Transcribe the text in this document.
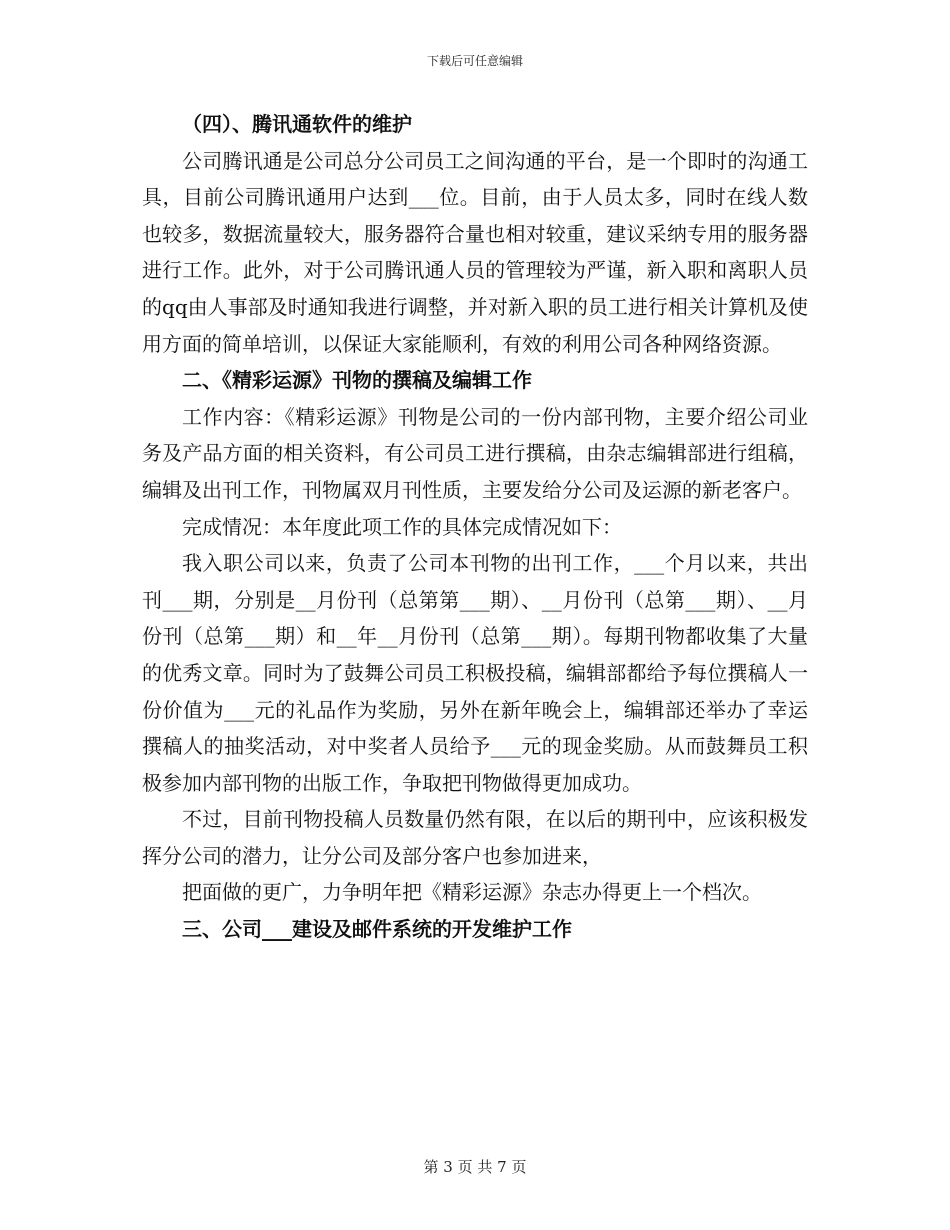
下载后可任意编辑

（四）、腾讯通软件的维护

公司腾讯通是公司总分公司员工之间沟通的平台，是一个即时的沟通工具，目前公司腾讯通用户达到___位。目前，由于人员太多，同时在线人数也较多，数据流量较大，服务器符合量也相对较重，建议采纳专用的服务器进行工作。此外，对于公司腾讯通人员的管理较为严谨，新入职和离职人员的qq由人事部及时通知我进行调整，并对新入职的员工进行相关计算机及使用方面的简单培训，以保证大家能顺利，有效的利用公司各种网络资源。

二、《精彩运源》刊物的撰稿及编辑工作

工作内容：《精彩运源》刊物是公司的一份内部刊物，主要介绍公司业务及产品方面的相关资料，有公司员工进行撰稿，由杂志编辑部进行组稿，编辑及出刊工作，刊物属双月刊性质，主要发给分公司及运源的新老客户。

完成情况：本年度此项工作的具体完成情况如下：

我入职公司以来，负责了公司本刊物的出刊工作，___个月以来，共出刊___期，分别是__月份刊（总第第___期）、__月份刊（总第___期）、__月份刊（总第___期）和__年__月份刊（总第___期）。每期刊物都收集了大量的优秀文章。同时为了鼓舞公司员工积极投稿，编辑部都给予每位撰稿人一份价值为___元的礼品作为奖励，另外在新年晚会上，编辑部还举办了幸运撰稿人的抽奖活动，对中奖者人员给予___元的现金奖励。从而鼓舞员工积极参加内部刊物的出版工作，争取把刊物做得更加成功。

不过，目前刊物投稿人员数量仍然有限，在以后的期刊中，应该积极发挥分公司的潜力，让分公司及部分客户也参加进来，

把面做的更广，力争明年把《精彩运源》杂志办得更上一个档次。

三、公司___建设及邮件系统的开发维护工作

第 3 页 共 7 页
